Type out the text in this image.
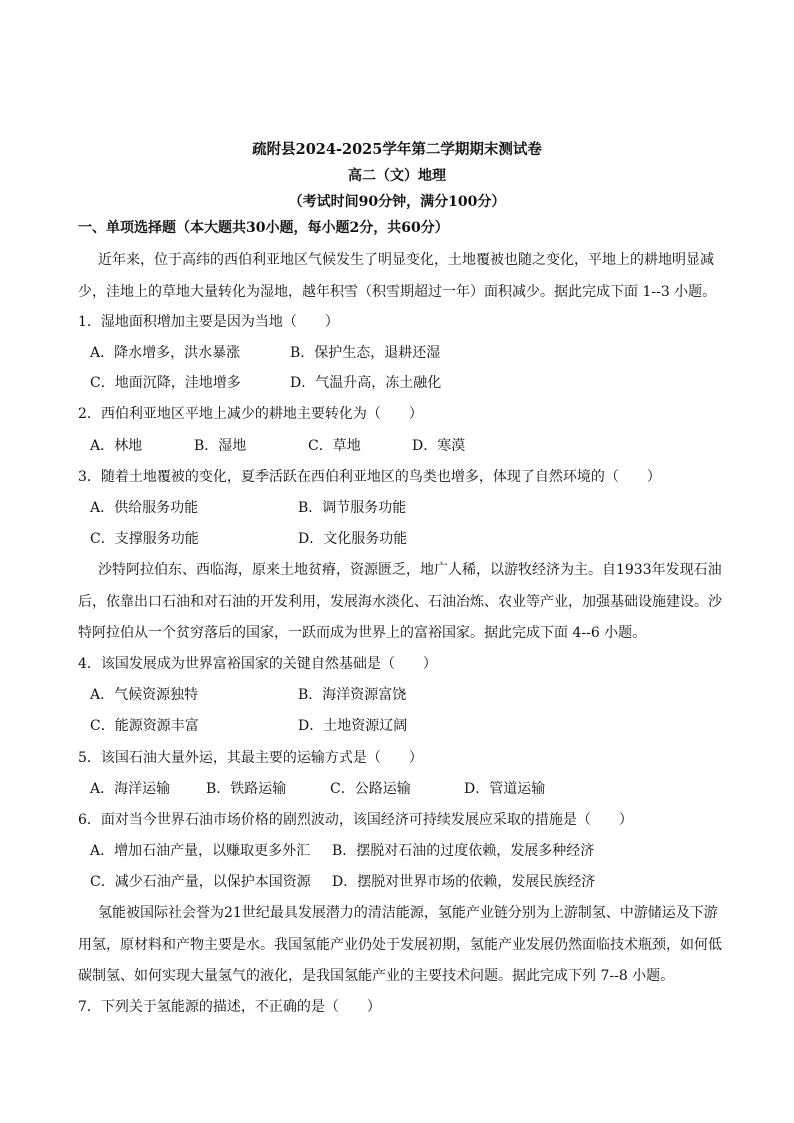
疏附县2024-2025学年第二学期期末测试卷
高二（文）地理
（考试时间90分钟，满分100分）
一、单项选择题（本大题共30小题，每小题2分，共60分）
近年来，位于高纬的西伯利亚地区气候发生了明显变化，土地覆被也随之变化，平地上的耕地明显减
少，洼地上的草地大量转化为湿地，越年积雪（积雪期超过一年）面积减少。据此完成下面 1--3 小题。
1．湿地面积增加主要是因为当地（　　）
A．降水增多，洪水暴涨	B．保护生态，退耕还湿
C．地面沉降，洼地增多	D．气温升高，冻土融化
2．西伯利亚地区平地上减少的耕地主要转化为（　　）
A．林地	B．湿地	C．草地	D．寒漠
3．随着土地覆被的变化，夏季活跃在西伯利亚地区的鸟类也增多，体现了自然环境的（　　）
A．供给服务功能	B．调节服务功能
C．支撑服务功能	D．文化服务功能
沙特阿拉伯东、西临海，原来土地贫瘠，资源匮乏，地广人稀，以游牧经济为主。自1933年发现石油
后，依靠出口石油和对石油的开发利用，发展海水淡化、石油冶炼、农业等产业，加强基础设施建设。沙
特阿拉伯从一个贫穷落后的国家，一跃而成为世界上的富裕国家。据此完成下面 4--6 小题。
4．该国发展成为世界富裕国家的关键自然基础是（　　）
A．气候资源独特	B．海洋资源富饶
C．能源资源丰富	D．土地资源辽阔
5．该国石油大量外运，其最主要的运输方式是（　　）
A．海洋运输	B．铁路运输	C．公路运输	D．管道运输
6．面对当今世界石油市场价格的剧烈波动，该国经济可持续发展应采取的措施是（　　）
A．增加石油产量，以赚取更多外汇 B．摆脱对石油的过度依赖，发展多种经济
C．减少石油产量，以保护本国资源 D．摆脱对世界市场的依赖，发展民族经济
氢能被国际社会誉为21世纪最具发展潜力的清洁能源，氢能产业链分别为上游制氢、中游储运及下游
用氢，原材料和产物主要是水。我国氢能产业仍处于发展初期，氢能产业发展仍然面临技术瓶颈，如何低
碳制氢、如何实现大量氢气的液化，是我国氢能产业的主要技术问题。据此完成下列 7--8 小题。
7．下列关于氢能源的描述，不正确的是（　　）
